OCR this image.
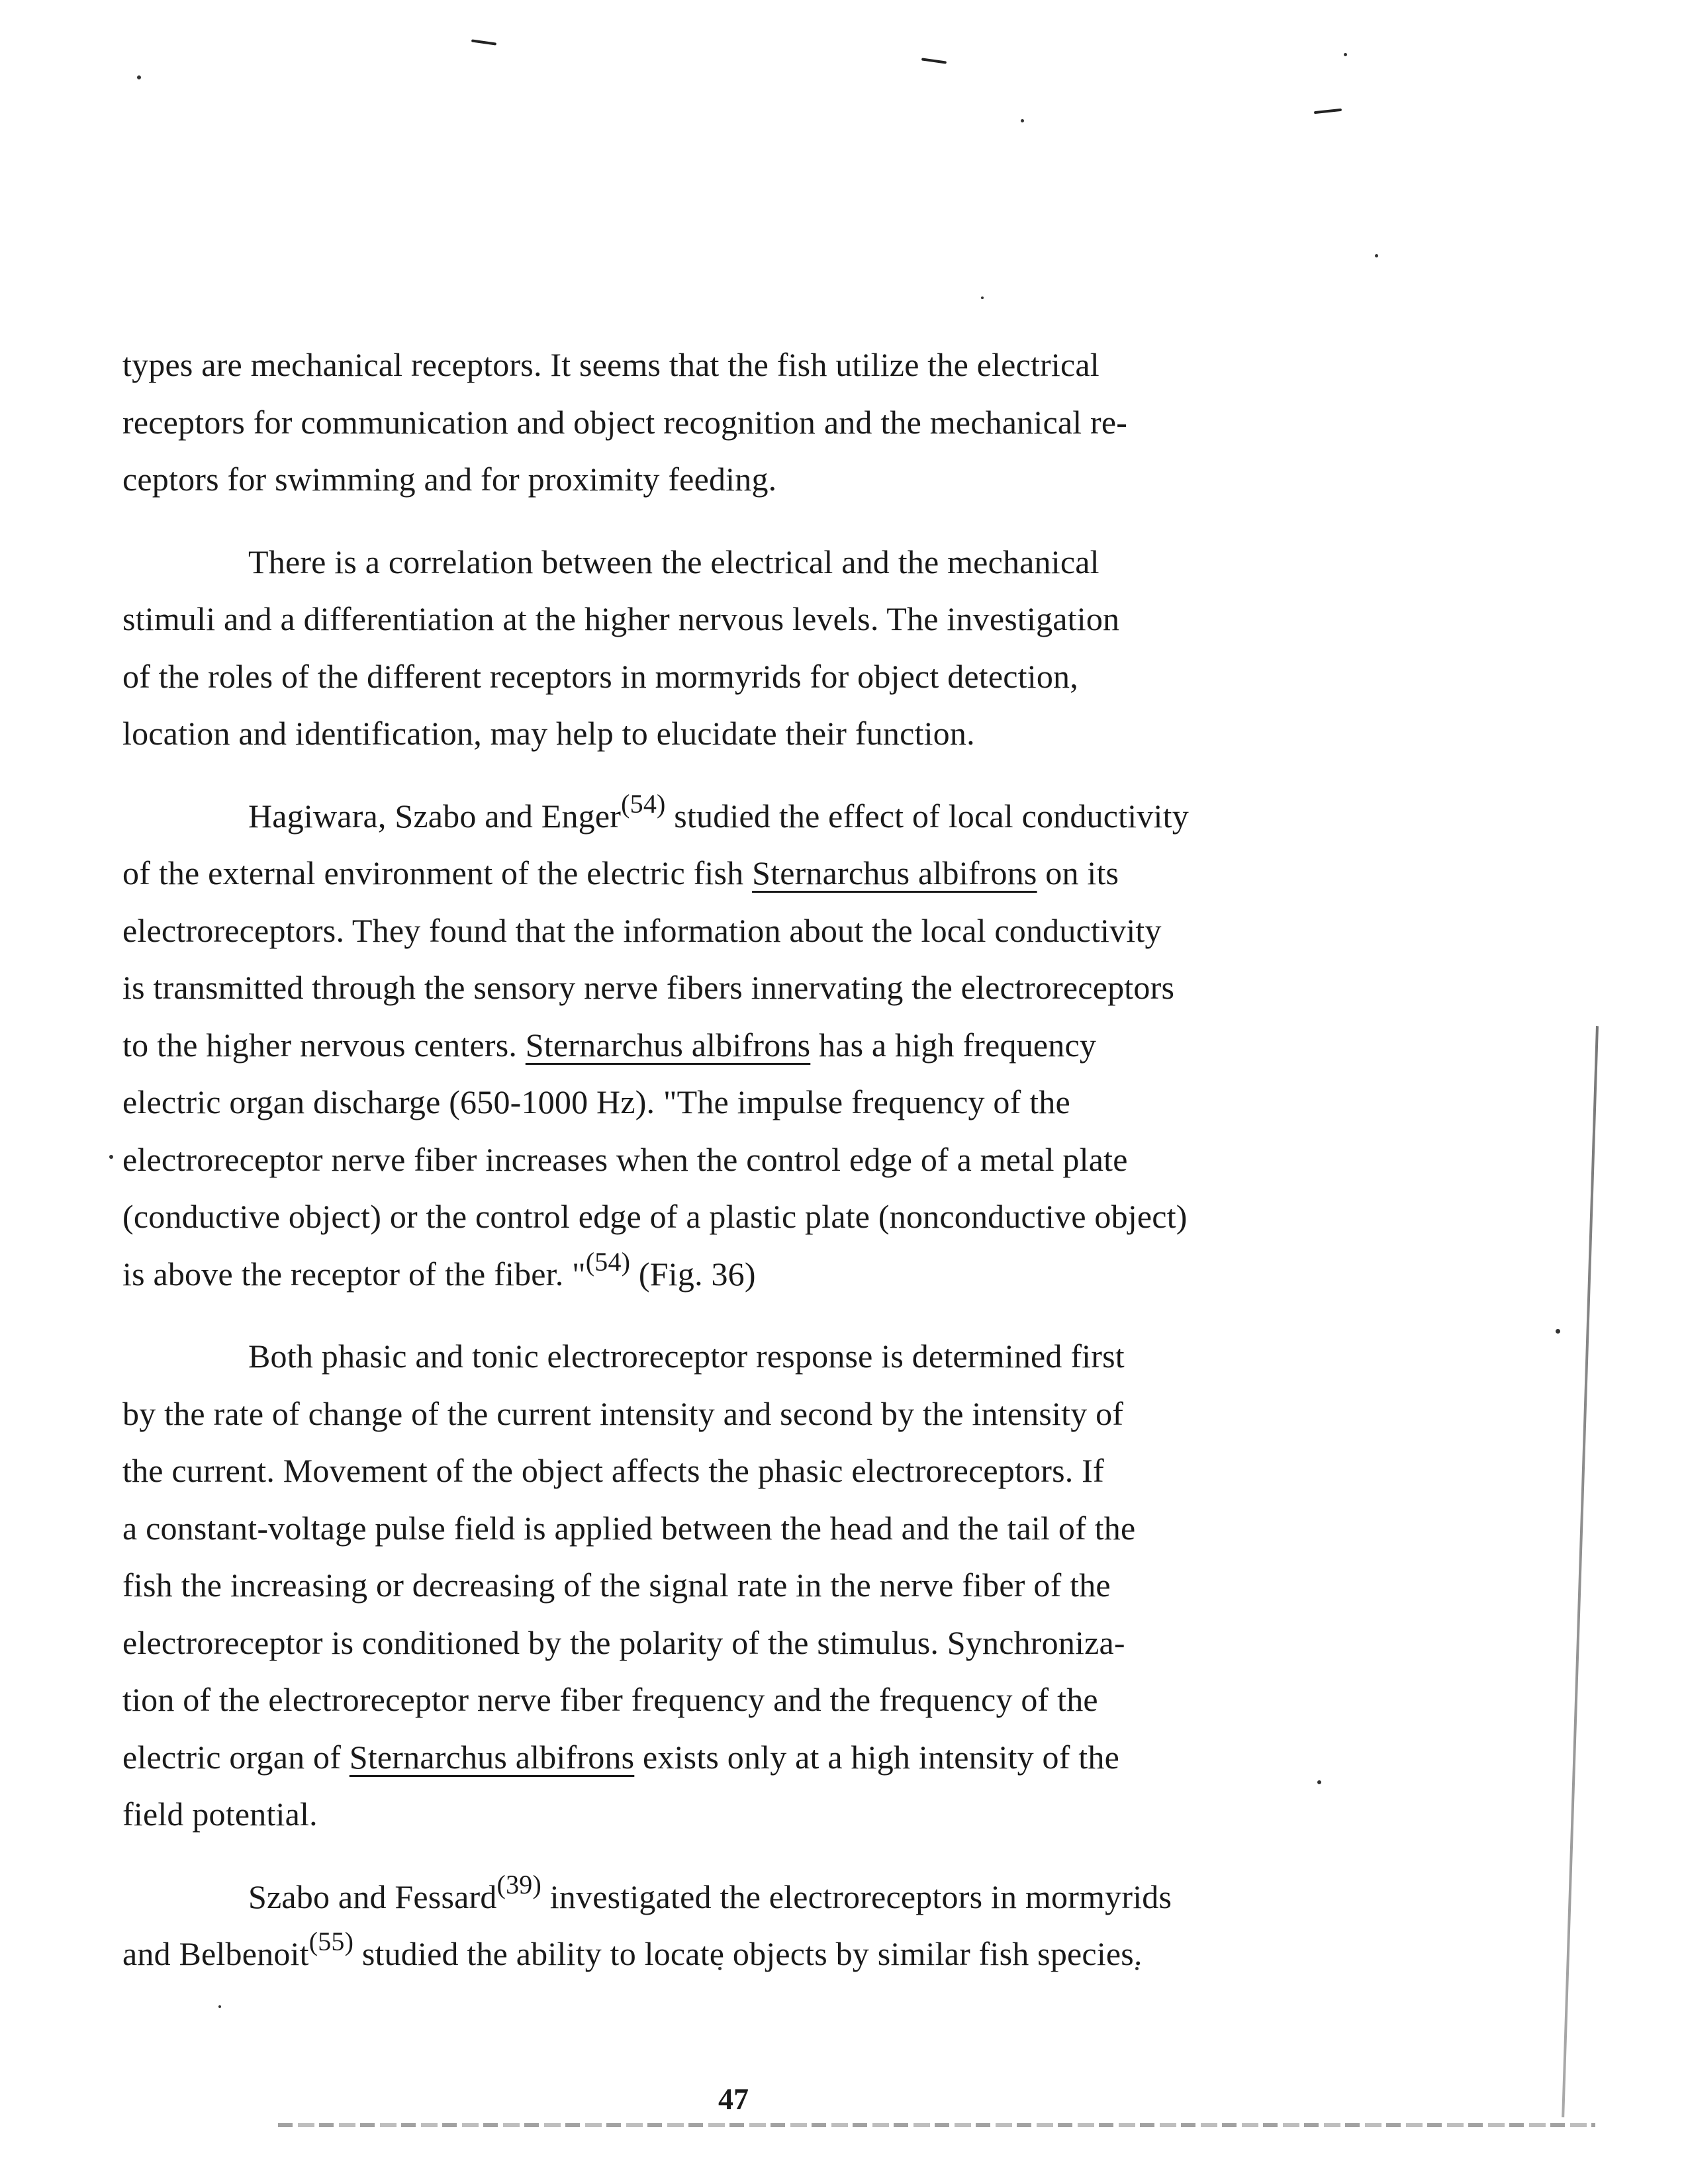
types are mechanical receptors. It seems that the fish utilize the electrical
receptors for communication and object recognition and the mechanical re-
ceptors for swimming and for proximity feeding.

There is a correlation between the electrical and the mechanical
stimuli and a differentiation at the higher nervous levels. The investigation
of the roles of the different receptors in mormyrids for object detection,
location and identification, may help to elucidate their function.

Hagiwara, Szabo and Enger$^{(54)}$ studied the effect of local conductivity
of the external environment of the electric fish Sternarchus albifrons on its
electroreceptors. They found that the information about the local conductivity
is transmitted through the sensory nerve fibers innervating the electroreceptors
to the higher nervous centers. Sternarchus albifrons has a high frequency
electric organ discharge (650-1000 Hz). "The impulse frequency of the
electroreceptor nerve fiber increases when the control edge of a metal plate
(conductive object) or the control edge of a plastic plate (nonconductive object)
is above the receptor of the fiber. "$^{(54)}$ (Fig. 36)

Both phasic and tonic electroreceptor response is determined first
by the rate of change of the current intensity and second by the intensity of
the current. Movement of the object affects the phasic electroreceptors. If
a constant-voltage pulse field is applied between the head and the tail of the
fish the increasing or decreasing of the signal rate in the nerve fiber of the
electroreceptor is conditioned by the polarity of the stimulus. Synchroniza-
tion of the electroreceptor nerve fiber frequency and the frequency of the
electric organ of Sternarchus albifrons exists only at a high intensity of the
field potential.

Szabo and Fessard$^{(39)}$ investigated the electroreceptors in mormyrids
and Belbenoit$^{(55)}$ studied the ability to locate objects by similar fish species.

47
